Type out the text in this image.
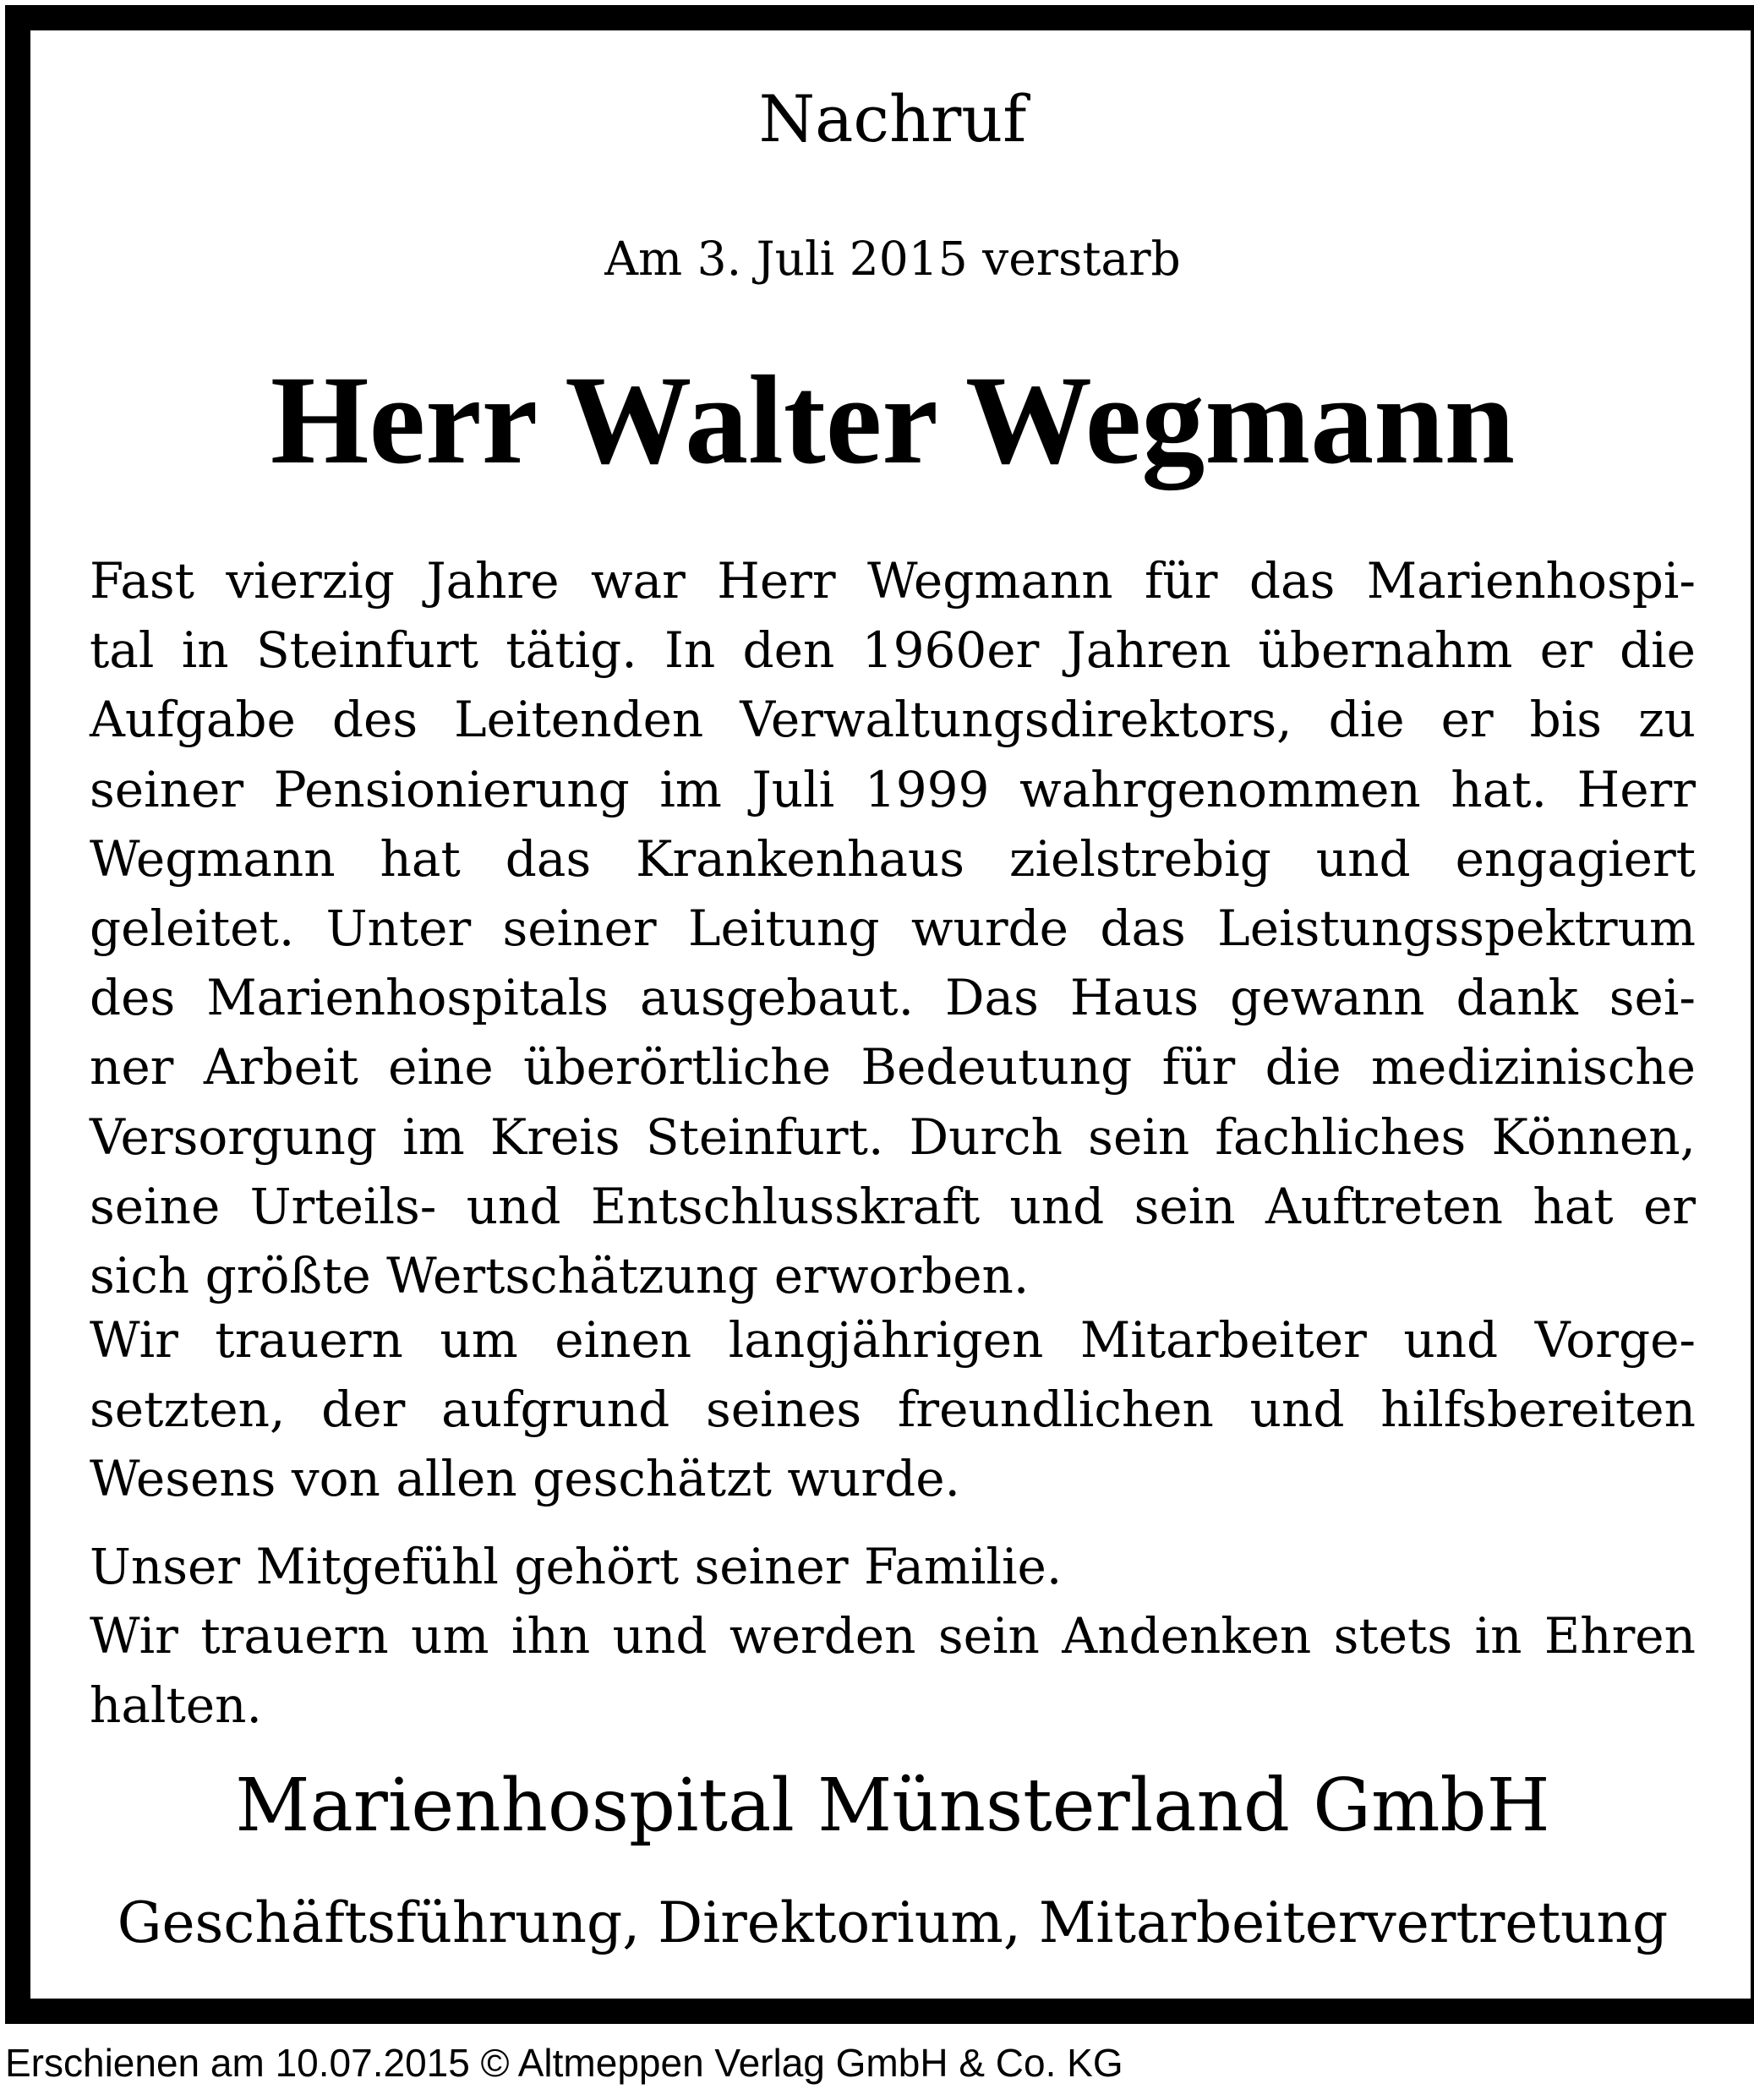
Nachruf
Am 3. Juli 2015 verstarb
Herr Walter Wegmann
Fast vierzig Jahre war Herr Wegmann für das Marienhospi-
tal in Steinfurt tätig. In den 1960er Jahren übernahm er die
Aufgabe des Leitenden Verwaltungsdirektors, die er bis zu
seiner Pensionierung im Juli 1999 wahrgenommen hat. Herr
Wegmann hat das Krankenhaus zielstrebig und engagiert
geleitet. Unter seiner Leitung wurde das Leistungsspektrum
des Marienhospitals ausgebaut. Das Haus gewann dank sei-
ner Arbeit eine überörtliche Bedeutung für die medizinische
Versorgung im Kreis Steinfurt. Durch sein fachliches Können,
seine Urteils- und Entschlusskraft und sein Auftreten hat er
sich größte Wertschätzung erworben.
Wir trauern um einen langjährigen Mitarbeiter und Vorge-
setzten, der aufgrund seines freundlichen und hilfsbereiten
Wesens von allen geschätzt wurde.
Unser Mitgefühl gehört seiner Familie.
Wir trauern um ihn und werden sein Andenken stets in Ehren
halten.
Marienhospital Münsterland GmbH
Geschäftsführung, Direktorium, Mitarbeitervertretung
Erschienen am 10.07.2015 © Altmeppen Verlag GmbH & Co. KG
